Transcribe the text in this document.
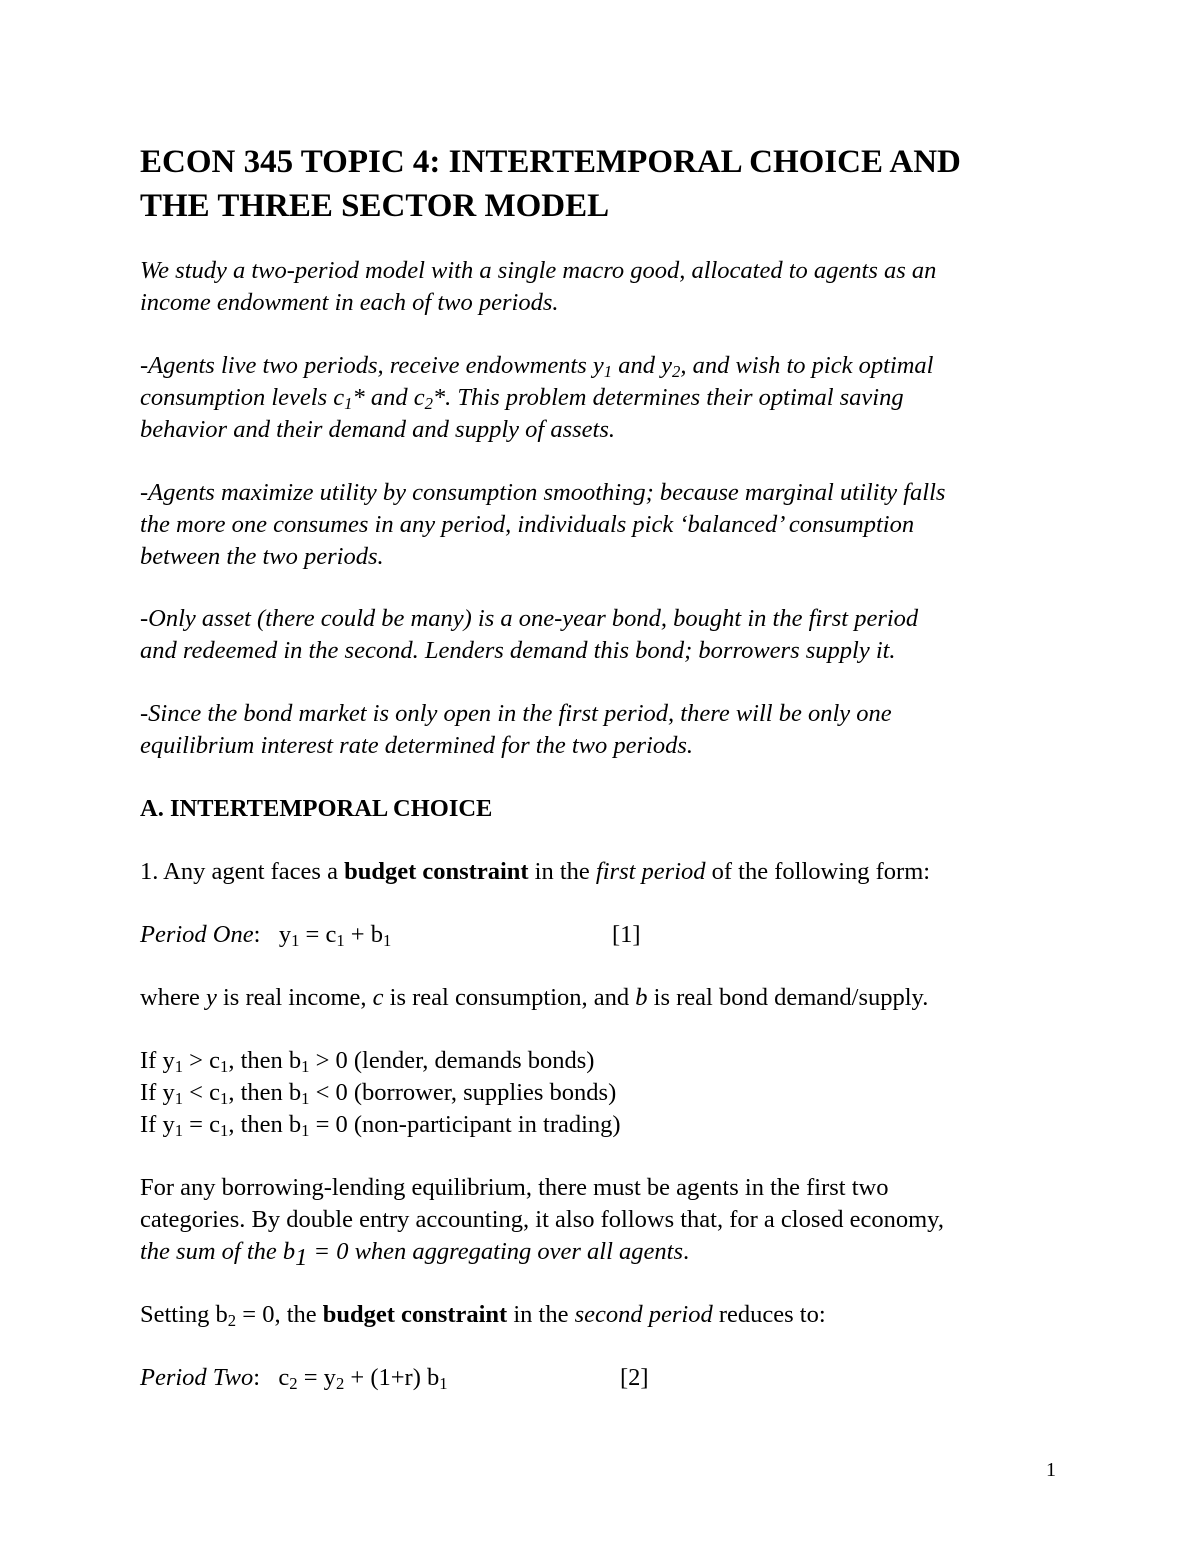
ECON 345 TOPIC 4: INTERTEMPORAL CHOICE AND
THE THREE SECTOR MODEL
We study a two-period model with a single macro good, allocated to agents as an
income endowment in each of two periods.
-Agents live two periods, receive endowments $y_1$ and $y_2$, and wish to pick optimal
consumption levels $c_1*$ and $c_2*$. This problem determines their optimal saving
behavior and their demand and supply of assets.
-Agents maximize utility by consumption smoothing; because marginal utility falls
the more one consumes in any period, individuals pick ‘balanced’ consumption
between the two periods.
-Only asset (there could be many) is a one-year bond, bought in the first period
and redeemed in the second. Lenders demand this bond; borrowers supply it.
-Since the bond market is only open in the first period, there will be only one
equilibrium interest rate determined for the two periods.
A. INTERTEMPORAL CHOICE
1. Any agent faces a budget constraint in the first period of the following form:
Period One: $y_1 = c_1 + b_1$	[1]
where y is real income, c is real consumption, and b is real bond demand/supply.
If $y_1 > c_1$, then $b_1 > 0$ (lender, demands bonds)
If $y_1 < c_1$, then $b_1 < 0$ (borrower, supplies bonds)
If $y_1 = c_1$, then $b_1 = 0$ (non-participant in trading)
For any borrowing-lending equilibrium, there must be agents in the first two
categories. By double entry accounting, it also follows that, for a closed economy,
the sum of the $b_1 = 0$ when aggregating over all agents.
Setting $b_2 = 0$, the budget constraint in the second period reduces to:
Period Two: $c_2 = y_2 + (1+r)$ $b_1$	[2]
1
